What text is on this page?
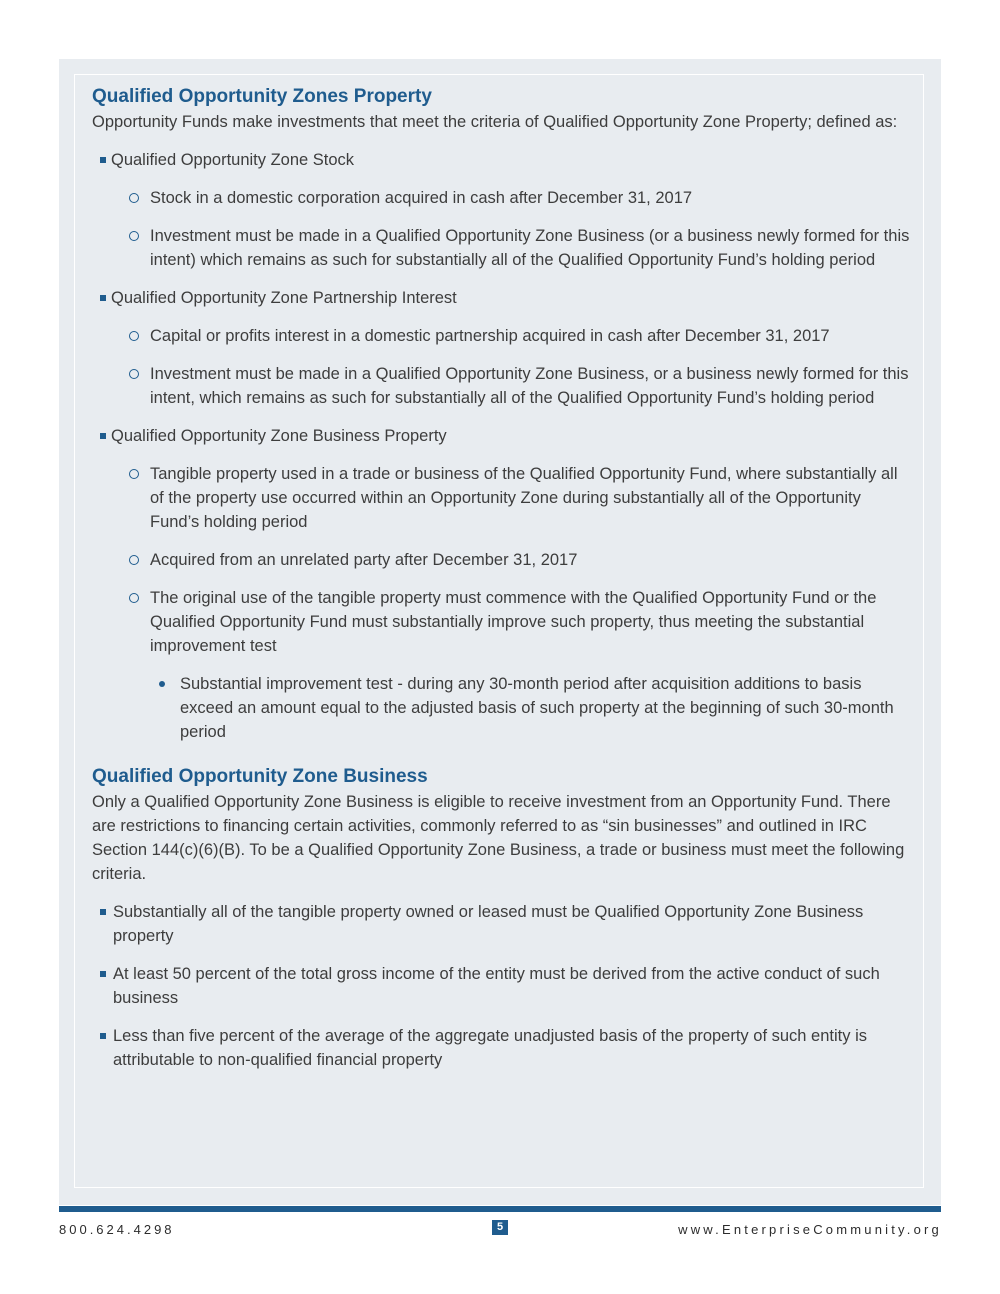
Qualified Opportunity Zones Property

Opportunity Funds make investments that meet the criteria of Qualified Opportunity Zone Property; defined as:

Qualified Opportunity Zone Stock
Stock in a domestic corporation acquired in cash after December 31, 2017
Investment must be made in a Qualified Opportunity Zone Business (or a business newly formed for this intent) which remains as such for substantially all of the Qualified Opportunity Fund’s holding period
Qualified Opportunity Zone Partnership Interest
Capital or profits interest in a domestic partnership acquired in cash after December 31, 2017
Investment must be made in a Qualified Opportunity Zone Business, or a business newly formed for this intent, which remains as such for substantially all of the Qualified Opportunity Fund’s holding period
Qualified Opportunity Zone Business Property
Tangible property used in a trade or business of the Qualified Opportunity Fund, where substantially all of the property use occurred within an Opportunity Zone during substantially all of the Opportunity Fund’s holding period
Acquired from an unrelated party after December 31, 2017
The original use of the tangible property must commence with the Qualified Opportunity Fund or the Qualified Opportunity Fund must substantially improve such property, thus meeting the substantial improvement test
Substantial improvement test - during any 30-month period after acquisition additions to basis exceed an amount equal to the adjusted basis of such property at the beginning of such 30-month period
Qualified Opportunity Zone Business

Only a Qualified Opportunity Zone Business is eligible to receive investment from an Opportunity Fund. There are restrictions to financing certain activities, commonly referred to as “sin businesses” and outlined in IRC Section 144(c)(6)(B). To be a Qualified Opportunity Zone Business, a trade or business must meet the following criteria.

Substantially all of the tangible property owned or leased must be Qualified Opportunity Zone Business property
At least 50 percent of the total gross income of the entity must be derived from the active conduct of such business
Less than five percent of the average of the aggregate unadjusted basis of the property of such entity is attributable to non-qualified financial property
800.624.4298	5	www.EnterpriseCommunity.org
